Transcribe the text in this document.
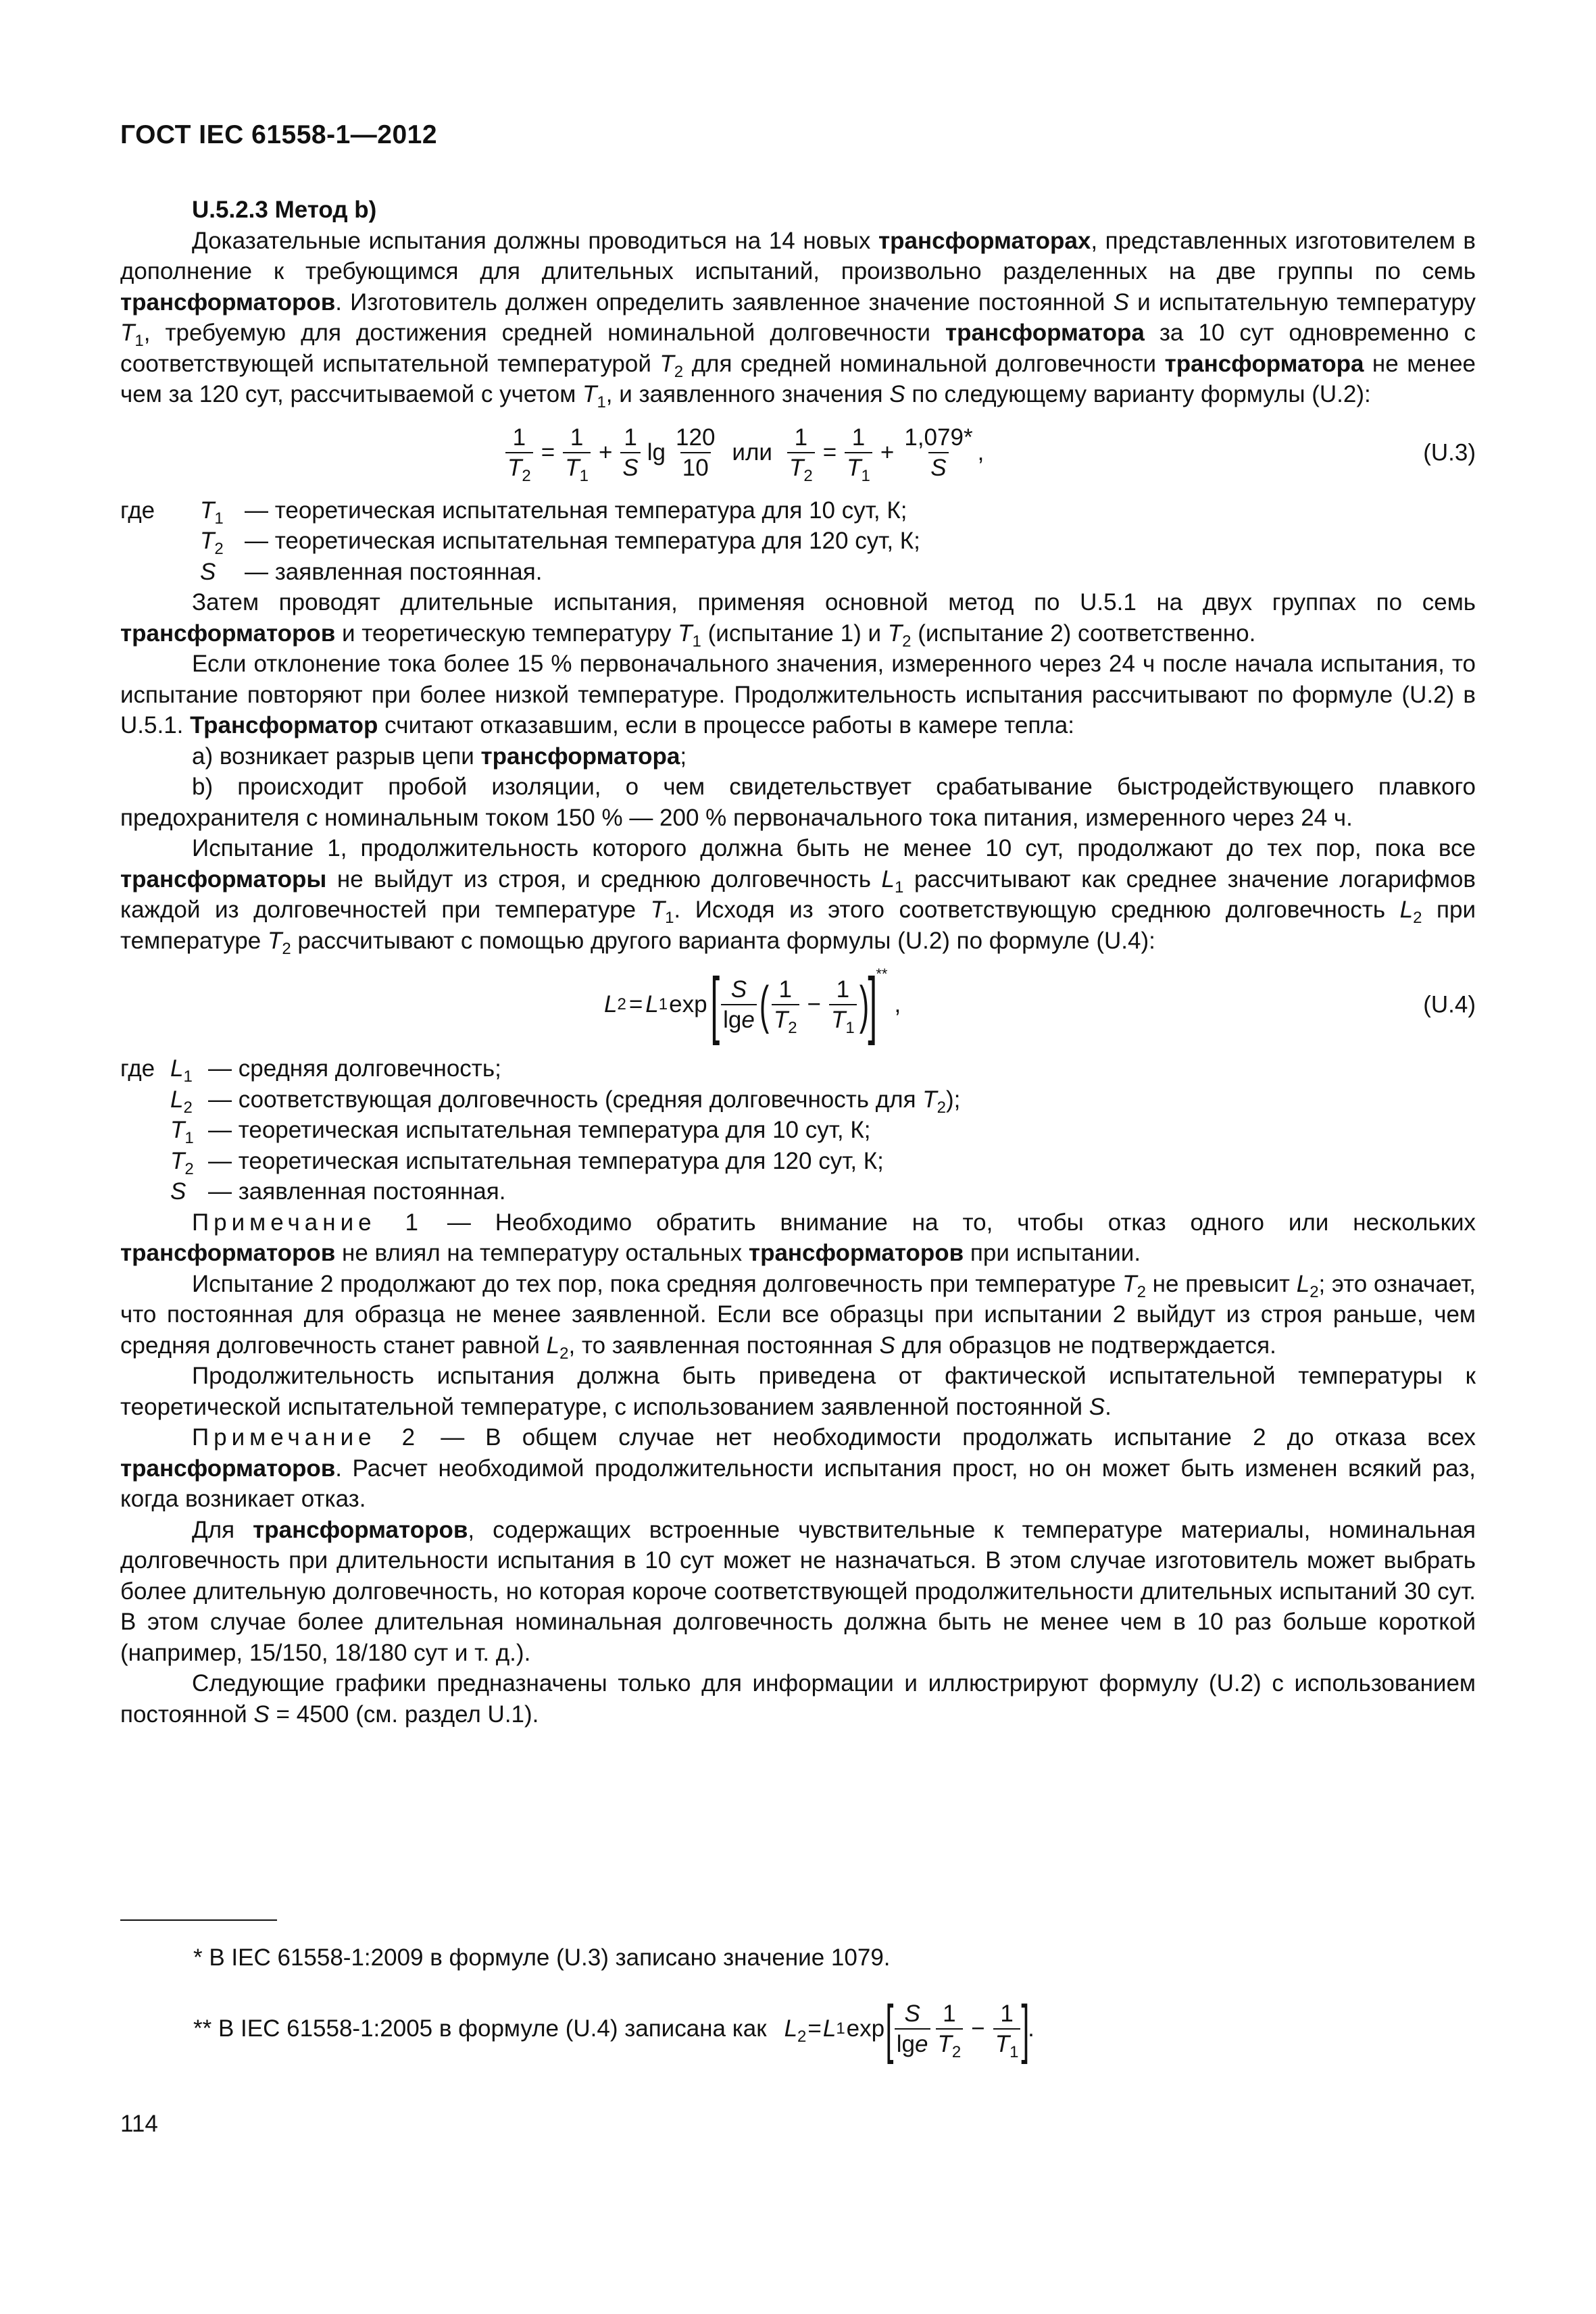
ГОСТ IEC 61558-1—2012

U.5.2.3 Метод b)

Доказательные испытания должны проводиться на 14 новых трансформаторах, представленных изготовителем в дополнение к требующимся для длительных испытаний, произвольно разделенных на две группы по семь трансформаторов. Изготовитель должен определить заявленное значение постоянной S и испытательную температуру $T_1$, требуемую для достижения средней номинальной долговечности трансформатора за 10 сут одновременно с соответствующей испытательной температурой $T_2$ для средней номинальной долговечности трансформатора не менее чем за 120 сут, рассчитываемой с учетом $T_1$, и заявленного значения S по следующему варианту формулы (U.2):

$\frac{1}{T_2} = \frac{1}{T_1} + \frac{1}{S}$ $\lg \frac{120}{10}$ или $\frac{1}{T_2} = \frac{1}{T_1} + \frac{1,079*}{S}$ ,	(U.3)
где	$T_1$ — теоретическая испытательная температура для 10 сут, К;
$T_2$ — теоретическая испытательная температура для 120 сут, К;
S	— заявленная постоянная.

Затем проводят длительные испытания, применяя основной метод по U.5.1 на двух группах по семь трансформаторов и теоретическую температуру $T_1$ (испытание 1) и $T_2$ (испытание 2) соответственно.

Если отклонение тока более 15 % первоначального значения, измеренного через 24 ч после начала испытания, то испытание повторяют при более низкой температуре. Продолжительность испытания рассчитывают по формуле (U.2) в U.5.1. Трансформатор считают отказавшим, если в процессе работы в камере тепла:

а) возникает разрыв цепи трансформатора;

b) происходит пробой изоляции, о чем свидетельствует срабатывание быстродействующего плавкого предохранителя с номинальным током 150 % — 200 % первоначального тока питания, измеренного через 24 ч.

Испытание 1, продолжительность которого должна быть не менее 10 сут, продолжают до тех пор, пока все трансформаторы не выйдут из строя, и среднюю долговечность $L_1$ рассчитывают как среднее значение логарифмов каждой из долговечностей при температуре $T_1$. Исходя из этого соответствующую среднюю долговечность $L_2$ при температуре $T_2$ рассчитывают с помощью другого варианта формулы (U.2) по формуле (U.4):

L 2 = L 1 exp [ $\frac{S}{\lg e}$ ( $\frac{1}{T_2} - \frac{1}{T_1}$ )
]
**
,	(U.4)
где $L_1$ — средняя долговечность;
$L_2$ — соответствующая долговечность (средняя долговечность для $T_2$);
$T_1$ — теоретическая испытательная температура для 10 сут, К;
$T_2$ — теоретическая испытательная температура для 120 сут, К;
S — заявленная постоянная.

Примечание 1 — Необходимо обратить внимание на то, чтобы отказ одного или нескольких трансформаторов не влиял на температуру остальных трансформаторов при испытании.

Испытание 2 продолжают до тех пор, пока средняя долговечность при температуре $T_2$ не превысит $L_2$; это означает, что постоянная для образца не менее заявленной. Если все образцы при испытании 2 выйдут из строя раньше, чем средняя долговечность станет равной $L_2$, то заявленная постоянная S для образцов не подтверждается.

Продолжительность испытания должна быть приведена от фактической испытательной температуры к теоретической испытательной температуре, с использованием заявленной постоянной S.

Примечание 2 — В общем случае нет необходимости продолжать испытание 2 до отказа всех трансформаторов. Расчет необходимой продолжительности испытания прост, но он может быть изменен всякий раз, когда возникает отказ.

Для трансформаторов, содержащих встроенные чувствительные к температуре материалы, номинальная долговечность при длительности испытания в 10 сут может не назначаться. В этом случае изготовитель может выбрать более длительную долговечность, но которая короче соответствующей продолжительности длительных испытаний 30 сут. В этом случае более длительная номинальная долговечность должна быть не менее чем в 10 раз больше короткой (например, 15/150, 18/180 сут и т. д.).

Следующие графики предназначены только для информации и иллюстрируют формулу (U.2) с использованием постоянной S = 4500 (см. раздел U.1).

* В IEC 61558-1:2009 в формуле (U.3) записано значение 1079.
** В IEC 61558-1:2005 в формуле (U.4) записана как $L_2 = L$ 1 exp [ $\frac{S}{\lg e} \frac{1}{T_2} - \frac{1}{T_1}$ ]
.
114
